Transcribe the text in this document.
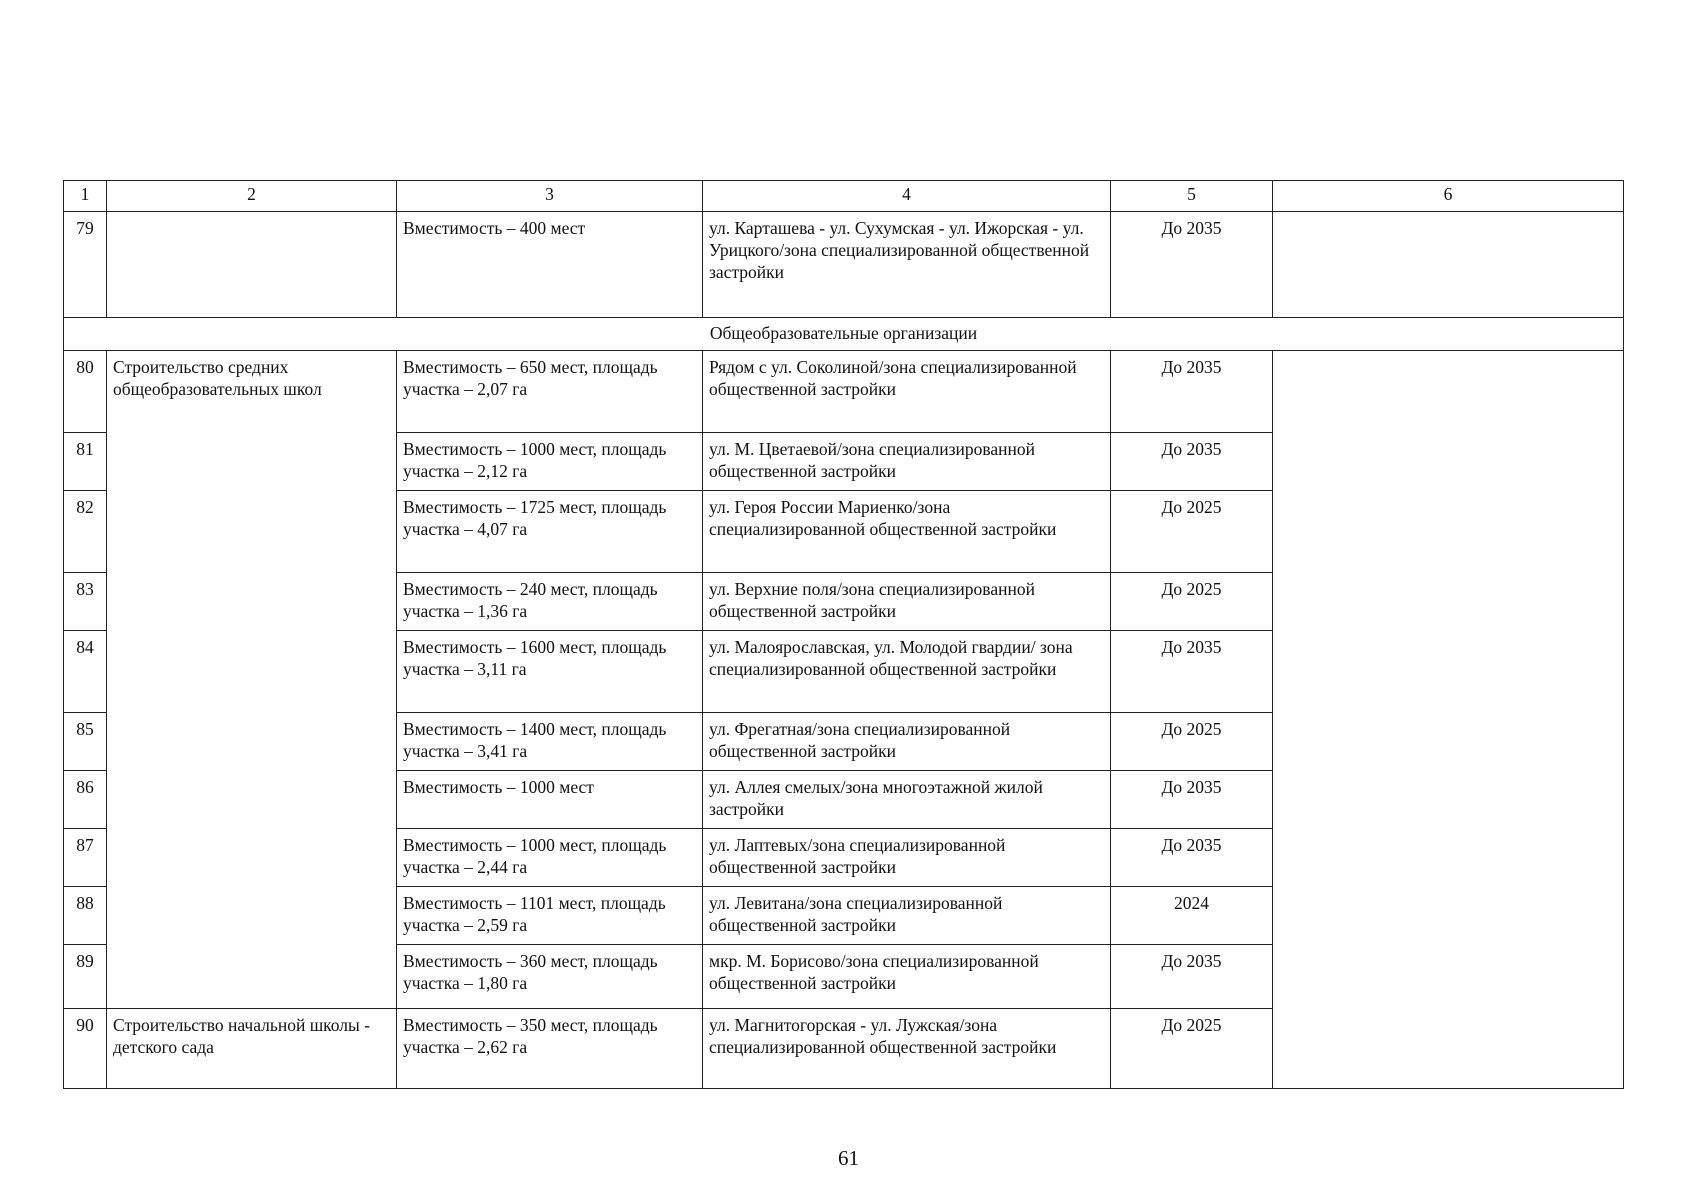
1	2	3	4	5	6
79		Вместимость – 400 мест	ул. Карташева - ул. Сухумская - ул. Ижорская - ул. Урицкого/зона специализированной общественной застройки	До 2035	
Общеобразовательные организации					
80	Строительство средних общеобразовательных школ	Вместимость – 650 мест, площадь участка – 2,07 га	Рядом с ул. Соколиной/зона специализированной общественной застройки	До 2035	
81		Вместимость – 1000 мест, площадь участка – 2,12 га	ул. М. Цветаевой/зона специализированной общественной застройки	До 2035	
82		Вместимость – 1725 мест, площадь участка – 4,07 га	ул. Героя России Мариенко/зона специализированной общественной застройки	До 2025	
83		Вместимость – 240 мест, площадь участка – 1,36 га	ул. Верхние поля/зона специализированной общественной застройки	До 2025	
84		Вместимость – 1600 мест, площадь участка – 3,11 га	ул. Малоярославская, ул. Молодой гвардии/ зона специализированной общественной застройки	До 2035	
85		Вместимость – 1400 мест, площадь участка – 3,41 га	ул. Фрегатная/зона специализированной общественной застройки	До 2025	
86		Вместимость – 1000 мест	ул. Аллея смелых/зона многоэтажной жилой застройки	До 2035	
87		Вместимость – 1000 мест, площадь участка – 2,44 га	ул. Лаптевых/зона специализированной общественной застройки	До 2035	
88		Вместимость – 1101 мест, площадь участка – 2,59 га	ул. Левитана/зона специализированной общественной застройки	2024	
89		Вместимость – 360 мест, площадь участка – 1,80 га	мкр. М. Борисово/зона специализированной общественной застройки	До 2035	
90	Строительство начальной школы - детского сада	Вместимость – 350 мест, площадь участка – 2,62 га	ул. Магнитогорская - ул. Лужская/зона специализированной общественной застройки	До 2025	
61
